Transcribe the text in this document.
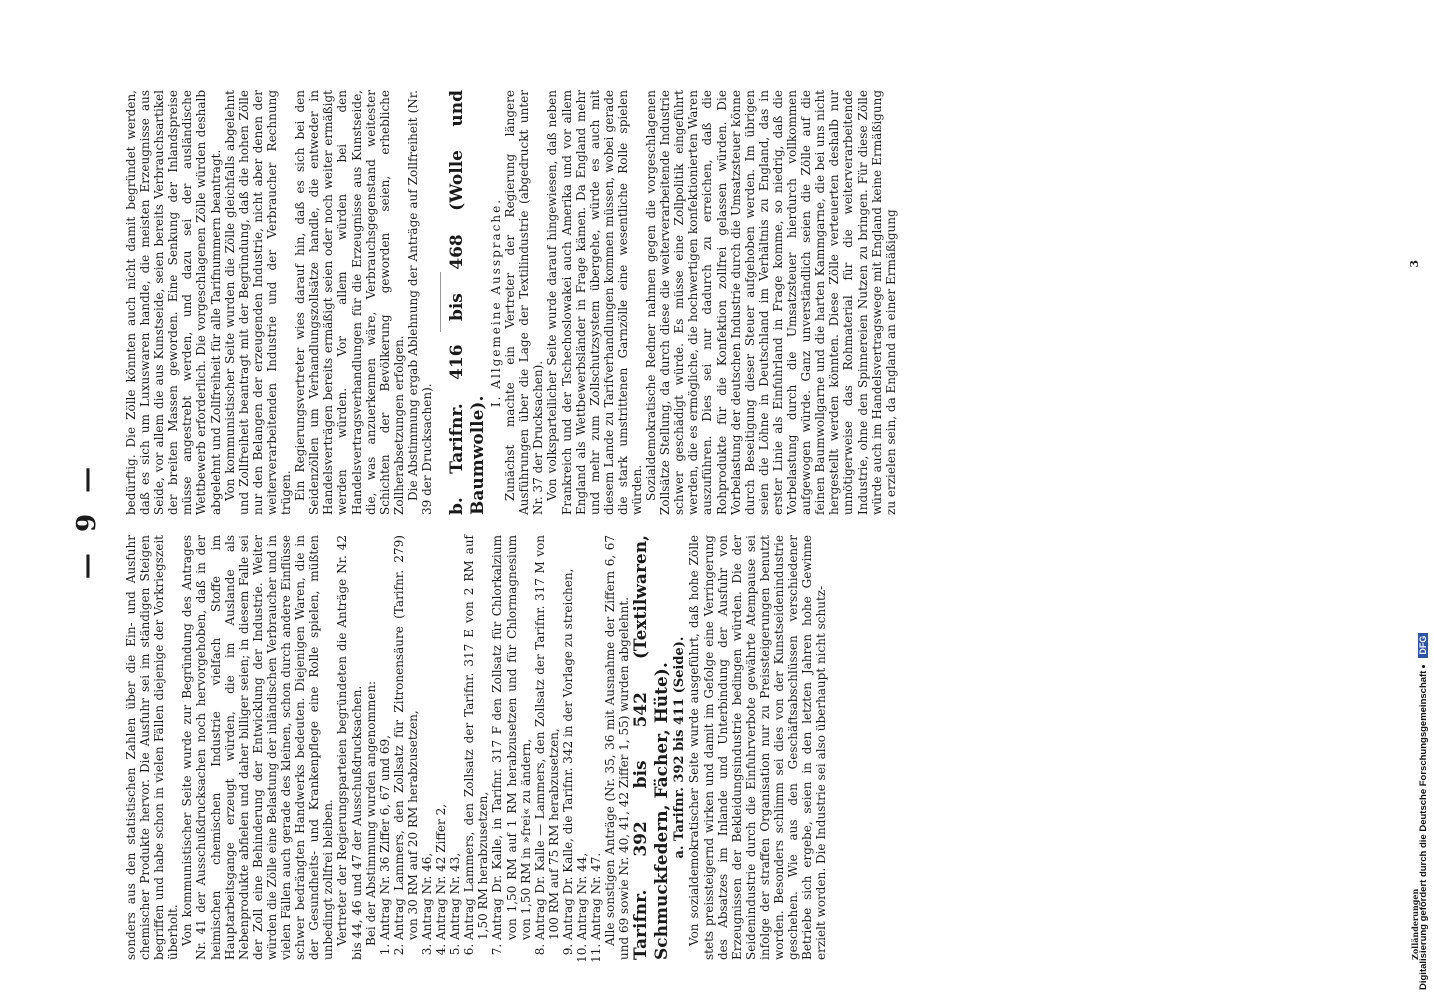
— 9 —

sonders aus den statistischen Zahlen über die Ein- und Ausfuhr chemischer Produkte hervor. Die Ausfuhr sei im ständigen Steigen begriffen und habe schon in vielen Fällen diejenige der Vorkriegszeit überholt. Von kommunistischer Seite wurde zur Begründung des Antrages Nr. 41 der Ausschußdrucksachen noch hervorgehoben, daß in der heimischen chemischen Industrie vielfach Stoffe im Hauptarbeitsgange erzeugt würden, die im Auslande als Nebenprodukte abfielen und daher billiger seien; in diesem Falle sei der Zoll eine Behinderung der Entwicklung der Industrie. Weiter würden die Zölle eine Belastung der inländischen Verbraucher und in vielen Fällen auch gerade des kleinen, schon durch andere Einflüsse schwer bedrängten Handwerks bedeuten. Diejenigen Waren, die in der Gesundheits- und Krankenpflege eine Rolle spielen, müßten unbedingt zollfrei bleiben. Vertreter der Regierungsparteien begründeten die Anträge Nr. 42 bis 44, 46 und 47 der Ausschußdrucksachen. Bei der Abstimmung wurden angenommen: 1. Antrag Nr. 36 Ziffer 6, 67 und 69, 2. Antrag Lammers, den Zollsatz für Zitronensäure (Tarifnr. 279) von 30 RM auf 20 RM herabzusetzen, 3. Antrag Nr. 46, 4. Antrag Nr. 42 Ziffer 2, 5. Antrag Nr. 43, 6. Antrag Lammers, den Zollsatz der Tarifnr. 317 E von 2 RM auf 1,50 RM herabzusetzen, 7. Antrag Dr. Kalle, in Tarifnr. 317 F den Zollsatz für Chlorkalzium von 1,50 RM auf 1 RM herabzusetzen und für Chlormagnesium von 1,50 RM in »frei« zu ändern, 8. Antrag Dr. Kalle — Lammers, den Zollsatz der Tarifnr. 317 M von 100 RM auf 75 RM herabzusetzen, 9. Antrag Dr. Kalle, die Tarifnr. 342 in der Vorlage zu streichen, 10. Antrag Nr. 44, 11. Antrag Nr. 47. Alle sonstigen Anträge (Nr. 35, 36 mit Ausnahme der Ziffern 6, 67 und 69 sowie Nr. 40, 41, 42 Ziffer 1, 55) wurden abgelehnt. Tarifnr. 392 bis 542 (Textilwaren, Schmuckfedern, Fächer, Hüte). a. Tarifnr. 392 bis 411 (Seide). Von sozialdemokratischer Seite wurde ausgeführt, daß hohe Zölle stets preissteigernd wirken und damit im Gefolge eine Verringerung des Absatzes im Inlande und Unterbindung der Ausfuhr von Erzeugnissen der Bekleidungsindustrie bedingen würden. Die der Seidenindustrie durch die Einfuhrverbote gewährte Atempause sei infolge der straffen Organisation nur zu Preissteigerungen benutzt worden. Besonders schlimm sei dies von der Kunstseidenindustrie geschehen. Wie aus den Geschäftsabschlüssen verschiedener Betriebe sich ergebe, seien in den letzten Jahren hohe Gewinne erzielt worden. Die Industrie sei also überhaupt nicht schutz-

bedürftig. Die Zölle könnten auch nicht damit begründet werden, daß es sich um Luxuswaren handle, die meisten Erzeugnisse aus Seide, vor allem die aus Kunstseide, seien bereits Verbrauchsartikel der breiten Massen geworden. Eine Senkung der Inlandspreise müsse angestrebt werden, und dazu sei der ausländische Wettbewerb erforderlich. Die vorgeschlagenen Zölle würden deshalb abgelehnt und Zollfreiheit für alle Tarifnummern beantragt. Von kommunistischer Seite wurden die Zölle gleichfalls abgelehnt und Zollfreiheit beantragt mit der Begründung, daß die hohen Zölle nur den Belangen der erzeugenden Industrie, nicht aber denen der weiterverarbeitenden Industrie und der Verbraucher Rechnung trügen. Ein Regierungsvertreter wies darauf hin, daß es sich bei den Seidenzöllen um Verhandlungszollsätze handle, die entweder in Handelsverträgen bereits ermäßigt seien oder noch weiter ermäßigt werden würden. Vor allem würden bei den Handelsvertragsverhandlungen für die Erzeugnisse aus Kunstseide, die, was anzuerkennen wäre, Verbrauchsgegenstand weitester Schichten der Bevölkerung geworden seien, erhebliche Zollherabsetzungen erfolgen. Die Abstimmung ergab Ablehnung der Anträge auf Zollfreiheit (Nr. 39 der Drucksachen). b. Tarifnr. 416 bis 468 (Wolle und Baumwolle).

I. Allgemeine Aussprache. Zunächst machte ein Vertreter der Regierung längere Ausführungen über die Lage der Textilindustrie (abgedruckt unter Nr. 37 der Drucksachen). Von volksparteilicher Seite wurde darauf hingewiesen, daß neben Frankreich und der Tschechoslowakei auch Amerika und vor allem England als Wettbewerbsländer in Frage kämen. Da England mehr und mehr zum Zollschutzsystem übergehe, würde es auch mit diesem Lande zu Tarifverhandlungen kommen müssen, wobei gerade die stark umstrittenen Garnzölle eine wesentliche Rolle spielen würden. Sozialdemokratische Redner nahmen gegen die vorgeschlagenen Zollsätze Stellung, da durch diese die weiterverarbeitende Industrie schwer geschädigt würde. Es müsse eine Zollpolitik eingeführt werden, die es ermögliche, die hochwertigen konfektionierten Waren auszuführen. Dies sei nur dadurch zu erreichen, daß die Rohprodukte für die Konfektion zollfrei gelassen würden. Die Vorbelastung der deutschen Industrie durch die Umsatzsteuer könne durch Beseitigung dieser Steuer aufgehoben werden. Im übrigen seien die Löhne in Deutschland im Verhältnis zu England, das in erster Linie als Einfuhrland in Frage komme, so niedrig, daß die Vorbelastung durch die Umsatzsteuer hierdurch vollkommen aufgewogen würde. Ganz unverständlich seien die Zölle auf die feinen Baumwollgarne und die harten Kammgarne, die bei uns nicht hergestellt werden könnten. Diese Zölle verteuerten deshalb nur unnötigerweise das Rohmaterial für die weiterverarbeitende Industrie, ohne den Spinnereien Nutzen zu bringen. Für diese Zölle würde auch im Handelsvertragswege mit England keine Ermäßigung zu erzielen sein, da England an einer Ermäßigung

Zolländerungen
3
Digitalisierung gefördert durch die Deutsche ForschungsgemeinschaftDFG
